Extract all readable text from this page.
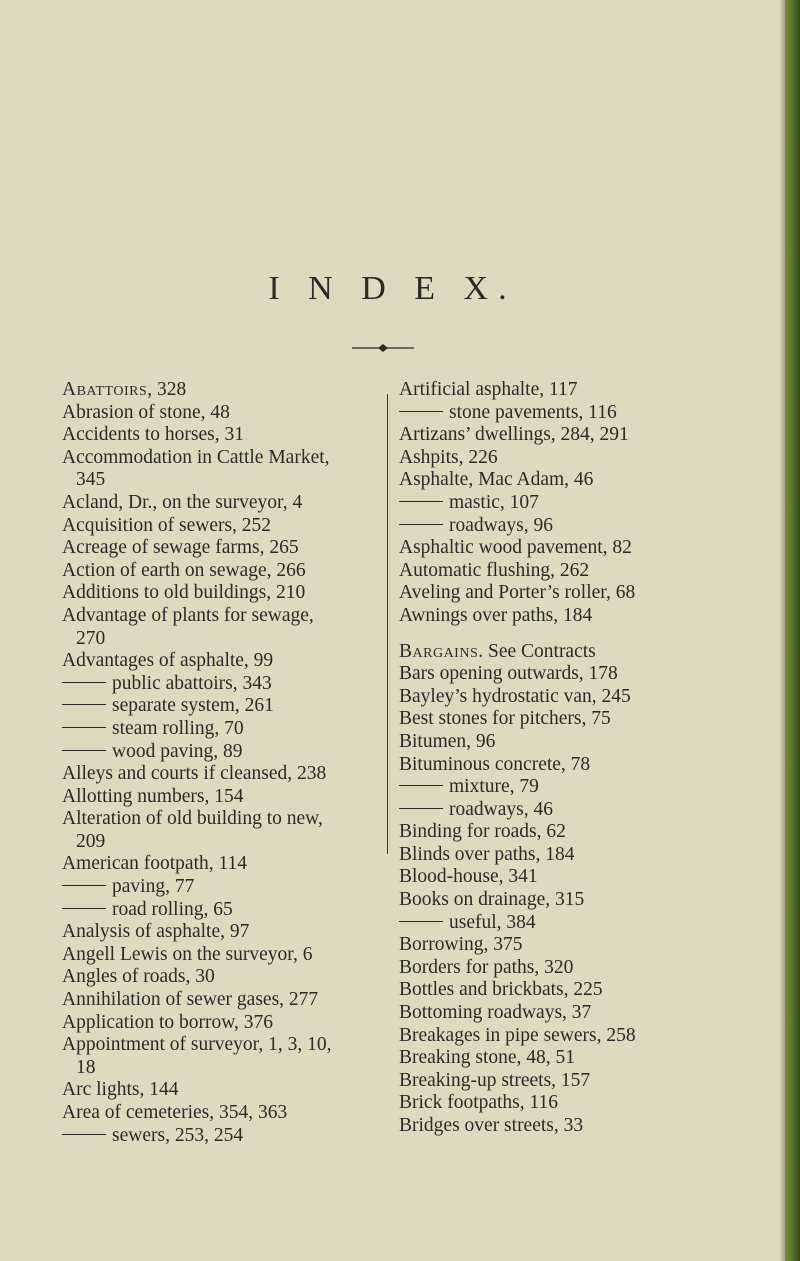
I N D E X.
Abattoirs, 328
Abrasion of stone, 48
Accidents to horses, 31
Accommodation in Cattle Market,
345
Acland, Dr., on the surveyor, 4
Acquisition of sewers, 252
Acreage of sewage farms, 265
Action of earth on sewage, 266
Additions to old buildings, 210
Advantage of plants for sewage,
270
Advantages of asphalte, 99
public abattoirs, 343
separate system, 261
steam rolling, 70
wood paving, 89
Alleys and courts if cleansed, 238
Allotting numbers, 154
Alteration of old building to new,
209
American footpath, 114
paving, 77
road rolling, 65
Analysis of asphalte, 97
Angell Lewis on the surveyor, 6
Angles of roads, 30
Annihilation of sewer gases, 277
Application to borrow, 376
Appointment of surveyor, 1, 3, 10,
18
Arc lights, 144
Area of cemeteries, 354, 363
sewers, 253, 254
Artificial asphalte, 117
stone pavements, 116
Artizans’ dwellings, 284, 291
Ashpits, 226
Asphalte, Mac Adam, 46
mastic, 107
roadways, 96
Asphaltic wood pavement, 82
Automatic flushing, 262
Aveling and Porter’s roller, 68
Awnings over paths, 184
Bargains. See Contracts
Bars opening outwards, 178
Bayley’s hydrostatic van, 245
Best stones for pitchers, 75
Bitumen, 96
Bituminous concrete, 78
mixture, 79
roadways, 46
Binding for roads, 62
Blinds over paths, 184
Blood-house, 341
Books on drainage, 315
useful, 384
Borrowing, 375
Borders for paths, 320
Bottles and brickbats, 225
Bottoming roadways, 37
Breakages in pipe sewers, 258
Breaking stone, 48, 51
Breaking-up streets, 157
Brick footpaths, 116
Bridges over streets, 33
